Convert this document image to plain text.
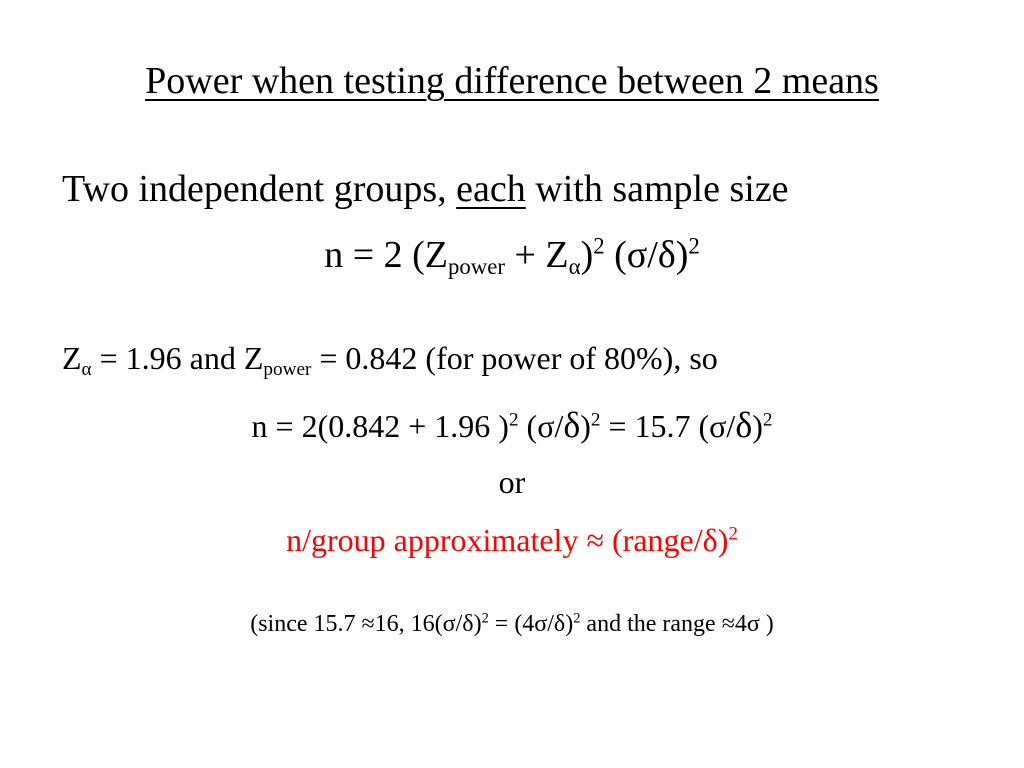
Power when testing difference between 2 means
Two independent groups, each with sample size
n = 2 $(Z_{power} + Z_\alpha)^2$ $(\sigma/\delta)^2$
$Z_\alpha = 1.96$ and $Z_{power} = 0.842$ (for power of 80%), so
n = 2(0.842 + 1.96 )$^2$ $(\sigma/\delta)^2 = 15.7$ $(\sigma/\delta)^2$
or
n/group approximately ≈ (range/δ)$^2$
(since 15.7 ≈16, $16(\sigma/\delta)^2 = (4\sigma/\delta)^2$ and the range ≈4σ )
